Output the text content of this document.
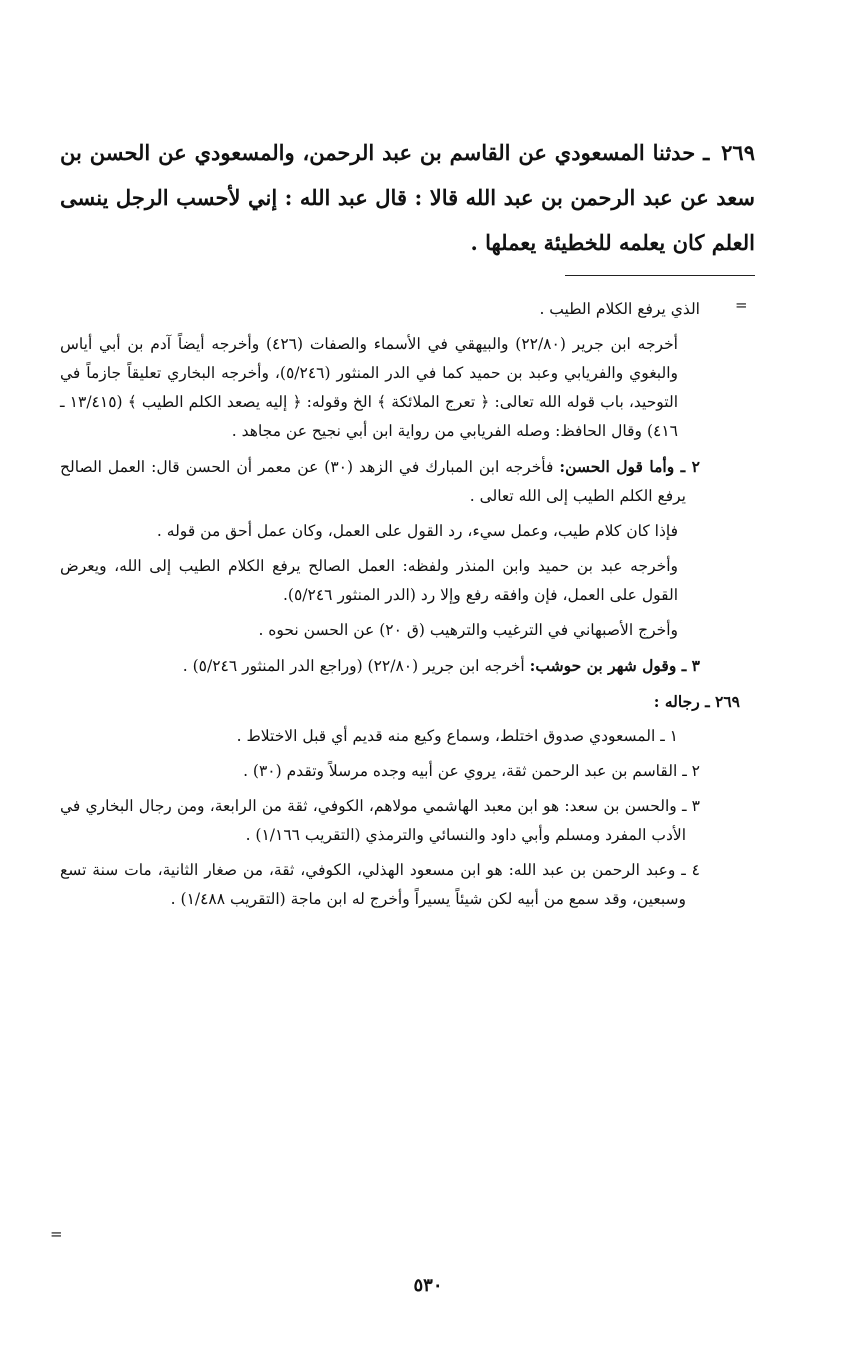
٢٦٩ ـ حدثنا المسعودي عن القاسم بن عبد الرحمن، والمسعودي عن الحسن بن سعد عن عبد الرحمن بن عبد الله قالا : قال عبد الله : إني لأحسب الرجل ينسى العلم كان يعلمه للخطيئة يعملها .

=

الذي يرفع الكلام الطيب .

أخرجه ابن جرير (٢٢/٨٠) والبيهقي في الأسماء والصفات (٤٢٦) وأخرجه أيضاً آدم بن أبي أياس والبغوي والفريابي وعبد بن حميد كما في الدر المنثور (٥/٢٤٦)، وأخرجه البخاري تعليقاً جازماً في التوحيد، باب قوله الله تعالى: ﴿ تعرج الملائكة ﴾ الخ وقوله: ﴿ إليه يصعد الكلم الطيب ﴾ (١٣/٤١٥ ـ ٤١٦) وقال الحافظ: وصله الفريابي من رواية ابن أبي نجيح عن مجاهد .

٢ ـ وأما قول الحسن: فأخرجه ابن المبارك في الزهد (٣٠) عن معمر أن الحسن قال: العمل الصالح يرفع الكلم الطيب إلى الله تعالى .

فإذا كان كلام طيب، وعمل سيء، رد القول على العمل، وكان عمل أحق من قوله .

وأخرجه عبد بن حميد وابن المنذر ولفظه: العمل الصالح يرفع الكلام الطيب إلى الله، ويعرض القول على العمل، فإن وافقه رفع وإلا رد (الدر المنثور ٥/٢٤٦).

وأخرج الأصبهاني في الترغيب والترهيب (ق ٢٠) عن الحسن نحوه .

٣ ـ وقول شهر بن حوشب: أخرجه ابن جرير (٢٢/٨٠) (وراجع الدر المنثور ٥/٢٤٦) .

٢٦٩ ـ رجاله :

١ ـ المسعودي صدوق اختلط، وسماع وكيع منه قديم أي قبل الاختلاط .

٢ ـ القاسم بن عبد الرحمن ثقة، يروي عن أبيه وجده مرسلاً وتقدم (٣٠) .

٣ ـ والحسن بن سعد: هو ابن معبد الهاشمي مولاهم، الكوفي، ثقة من الرابعة، ومن رجال البخاري في الأدب المفرد ومسلم وأبي داود والنسائي والترمذي (التقريب ١/١٦٦) .

٤ ـ وعبد الرحمن بن عبد الله: هو ابن مسعود الهذلي، الكوفي، ثقة، من صغار الثانية، مات سنة تسع وسبعين، وقد سمع من أبيه لكن شيئاً يسيراً وأخرج له ابن ماجة (التقريب ١/٤٨٨) .

=
٥٣٠
